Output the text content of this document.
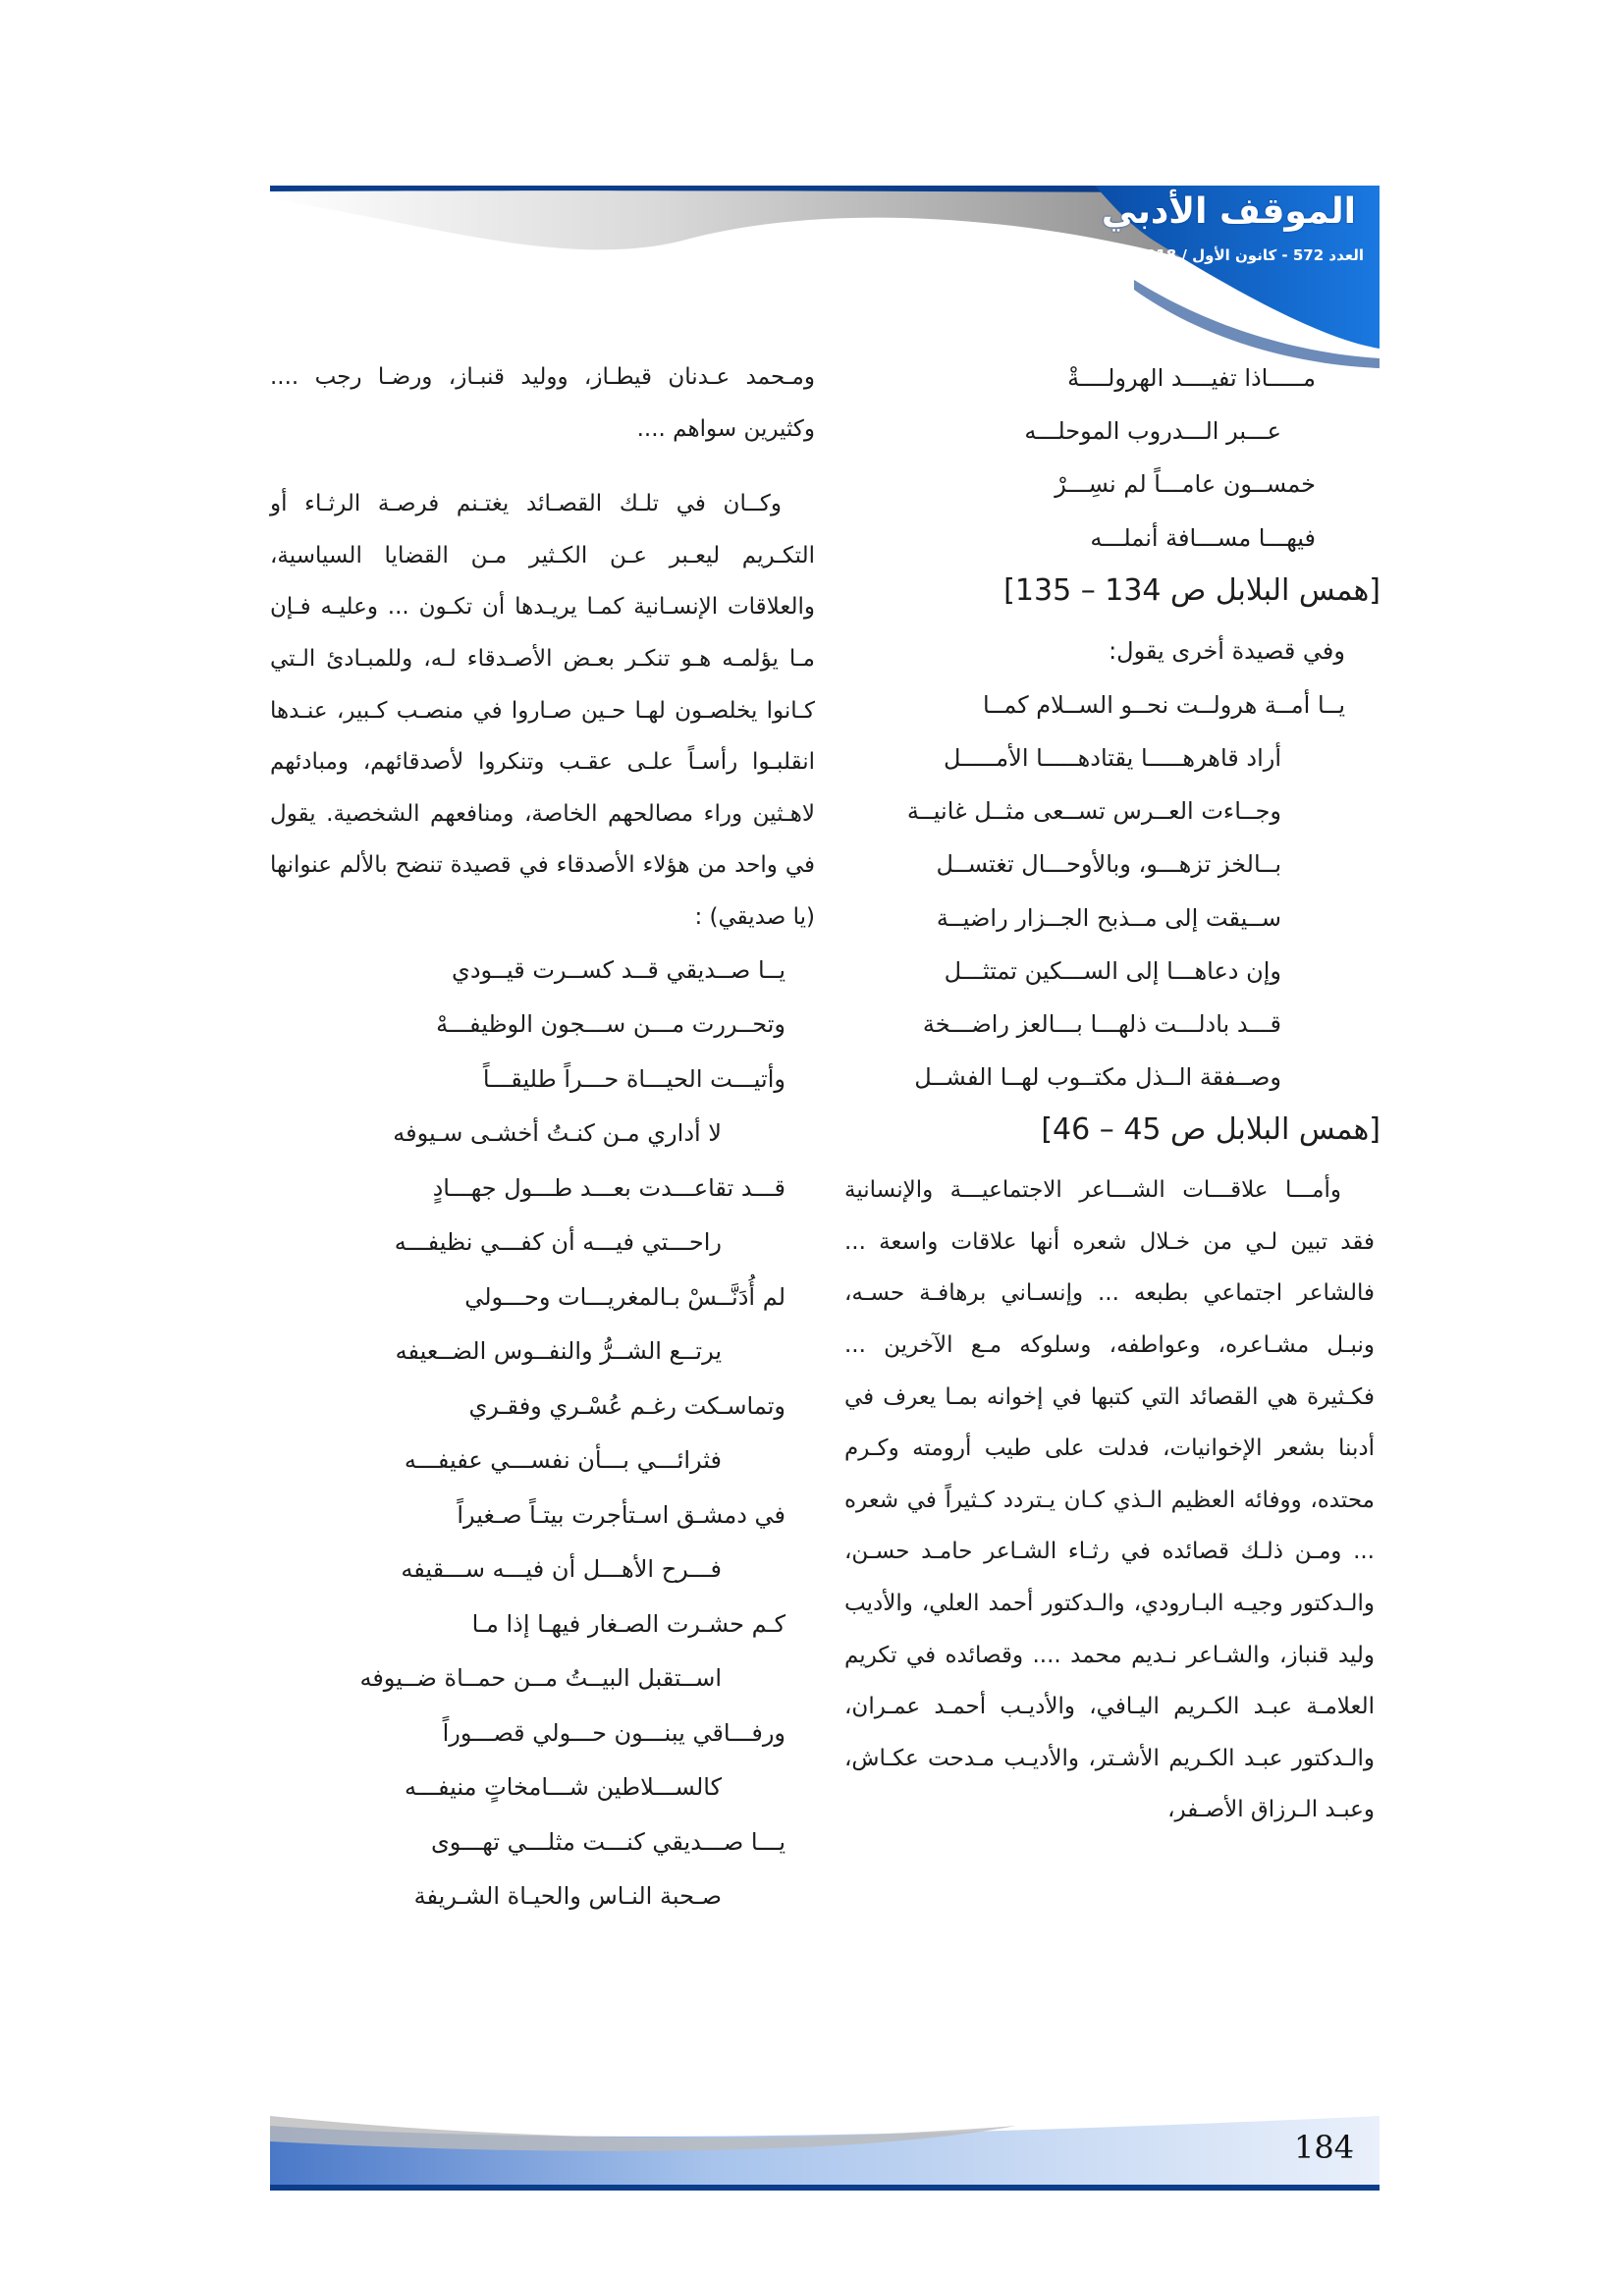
الموقف الأدبي
العدد 572 - كانون الأول / 2018
مـــــاذا تفيــــد الهرولــــةْ
عـــبر الـــدروب الموحلـــه
خمســون عامـــاً لم نسِـــرْ
فيهـــا مســـافة أنملـــه
[همس البلابل ص 134 – 135]
وفي قصيدة أخرى يقول:
يــا أمــة هرولــت نحــو الســلام كمــا
أراد قاهرهـــــا يقتادهـــــا الأمـــــل
وجــاءت العــرس تســعى مثــل غانيــة
بــالخز تزهـــو، وبالأوحـــال تغتســل
ســيقت إلى مــذبح الجــزار راضيــة
وإن دعاهـــا إلى الســـكين تمتثـــل
قـــد بادلـــت ذلهـــا بـــالعز راضـــخة
وصــفقة الــذل مكتــوب لهــا الفشــل
[همس البلابل ص 45 – 46]

وأمـــا علاقـــات الشـــاعر الاجتماعيـــة والإنسانية فقد تبين لـي من خـلال شعره أنها علاقات واسعة ... فالشاعر اجتماعي بطبعه ... وإنسـاني برهافـة حسـه، ونبـل مشـاعره، وعواطفه، وسلوكه مـع الآخرين ... فكـثيرة هي القصائد التي كتبها في إخوانه بمـا يعرف في أدبنا بشعر الإخوانيات، فدلت على طيب أرومته وكـرم محتده، ووفائه العظيم الـذي كـان يـتردد كـثيراً في شعره ... ومـن ذلـك قصائده في رثـاء الشـاعر حامـد حسـن، والـدكتور وجيـه البـارودي، والـدكتور أحمد العلي، والأديب وليد قنباز، والشـاعر نـديم محمد .... وقصائده في تكريم العلامـة عبـد الكـريم اليـافي، والأديـب أحمـد عمـران، والـدكتور عبـد الكـريم الأشـتر، والأديـب مـدحت عكـاش، وعبـد الـرزاق الأصـفر،

ومـحمد عـدنان قيطـاز، ووليد قنبـاز، ورضـا رجب .... وكثيرين سواهم ....

وكــان في تلـك القصـائد يغتـنم فرصـة الرثـاء أو التكـريم ليعـبر عـن الكـثير مـن القضايا السياسية، والعلاقات الإنسـانية كمـا يريـدها أن تكـون ... وعليـه فـإن مـا يؤلمـه هـو تنكـر بعـض الأصـدقاء لـه، وللمبـادئ الـتي كـانوا يخلصـون لهـا حـين صـاروا في منصـب كـبير، عنـدها انقلبـوا رأسـاً علـى عقـب وتنكروا لأصدقائهم، ومبادئهم لاهـثين وراء مصالحهم الخاصة، ومنافعهم الشخصية. يقول في واحد من هؤلاء الأصدقاء في قصيدة تنضح بالألم عنوانها (يا صديقي) :

يــا صــديقي قــد كســرت قيــودي
وتحــررت مـــن ســـجون الوظيفـــهْ
وأتيـــت الحيـــاة حـــراً طليقـــاً
لا أداري مـن كنـتُ أخشـى سـيوفه
قـــد تقاعـــدت بعـــد طـــول جهـــادٍ
راحـــتي فيـــه أن كفـــي نظيفـــه
لم أُدَنَّــسْ بـالمغريـــات وحـــولي
يرتــع الشــرُّ والنفــوس الضــعيفه
وتماسـكت رغـم عُسْـري وفقـري
فثرائـــي بـــأن نفســـي عفيفـــه
في دمشـق اسـتأجرت بيتـاً صـغيراً
فـــرح الأهـــل أن فيـــه ســـقيفه
كـم حشـرت الصـغار فيهـا إذا مـا
اســتقبل البيــتُ مــن حمــاة ضــيوفه
ورفـــاقي يبنـــون حـــولي قصـــوراً
كالســـلاطين شـــامخاتٍ منيفـــه
يـــا صـــديقي كنـــت مثلـــي تهـــوى
صـحبة النـاس والحيـاة الشـريفة
184
